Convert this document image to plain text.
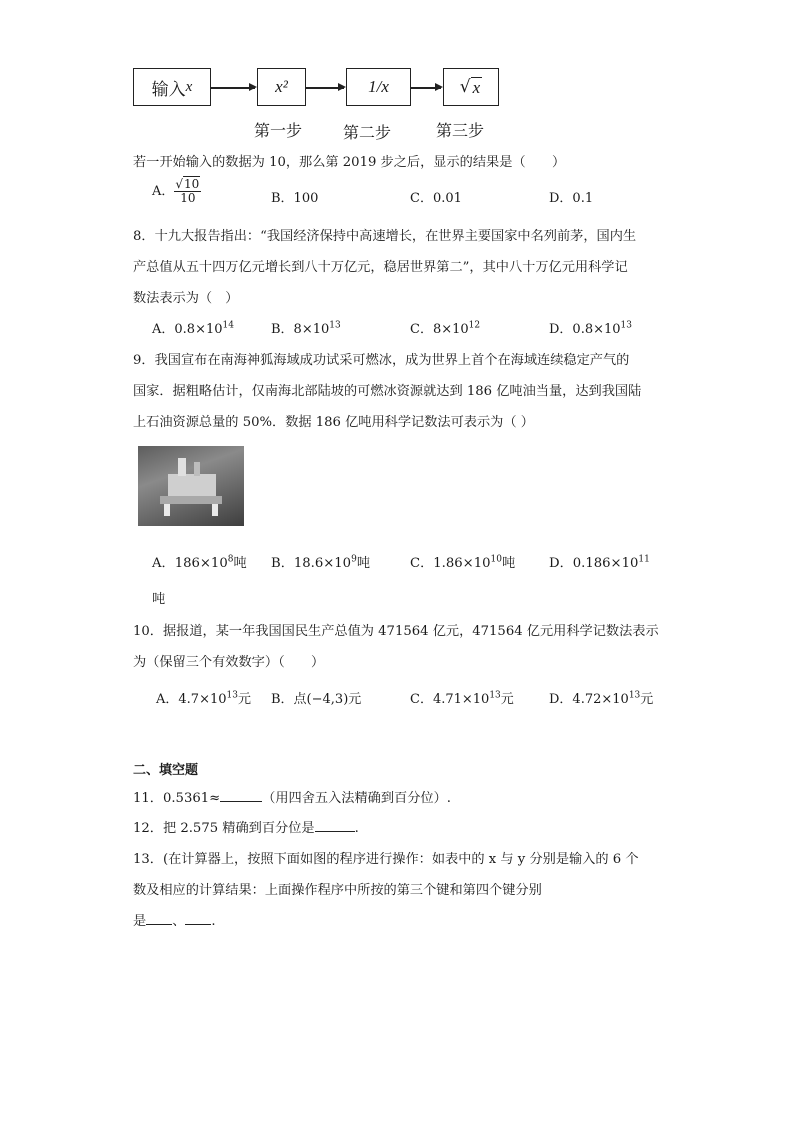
输入 x	x²	1/x	√ x
第一步	第二步	第三步
若一开始输入的数据为 10，那么第 2019 步之后，显示的结果是（　　）
A． $\frac{√10}{10}$	B．100	C．0.01	D．0.1
8．十九大报告指出：“我国经济保持中高速增长，在世界主要国家中名列前茅，国内生
产总值从五十四万亿元增长到八十万亿元，稳居世界第二”，其中八十万亿元用科学记
数法表示为（　）
A．$0.8\times 10^{14}$	B．$8\times 10^{13}$	C．$8\times 10^{12}$	D．$0.8\times 10^{13}$
9．我国宣布在南海神狐海域成功试采可燃冰，成为世界上首个在海域连续稳定产气的
国家．据粗略估计，仅南海北部陆坡的可燃冰资源就达到 186 亿吨油当量，达到我国陆
上石油资源总量的 50%．数据 186 亿吨用科学记数法可表示为（ ）
A．$186\times 10^8$吨 B．$18.6\times 10^9$吨	C．$1.86\times 10^{10}$吨	D．$0.186\times 10^{11}$
吨
10．据报道，某一年我国国民生产总值为 471564 亿元，471564 亿元用科学记数法表示
为（保留三个有效数字）（　　）
A．$4.7\times 10^{13}$元 B．点(−4,3)元	C．$4.71\times 10^{13}$元	D．$4.72\times 10^{13}$元
二、填空题
11．0.5361≈	（用四舍五入法精确到百分位）.
12．把 2.575 精确到百分位是	.
13．(在计算器上，按照下面如图的程序进行操作：如表中的 x 与 y 分别是输入的 6 个
数及相应的计算结果：上面操作程序中所按的第三个键和第四个键分别
是 、 .
